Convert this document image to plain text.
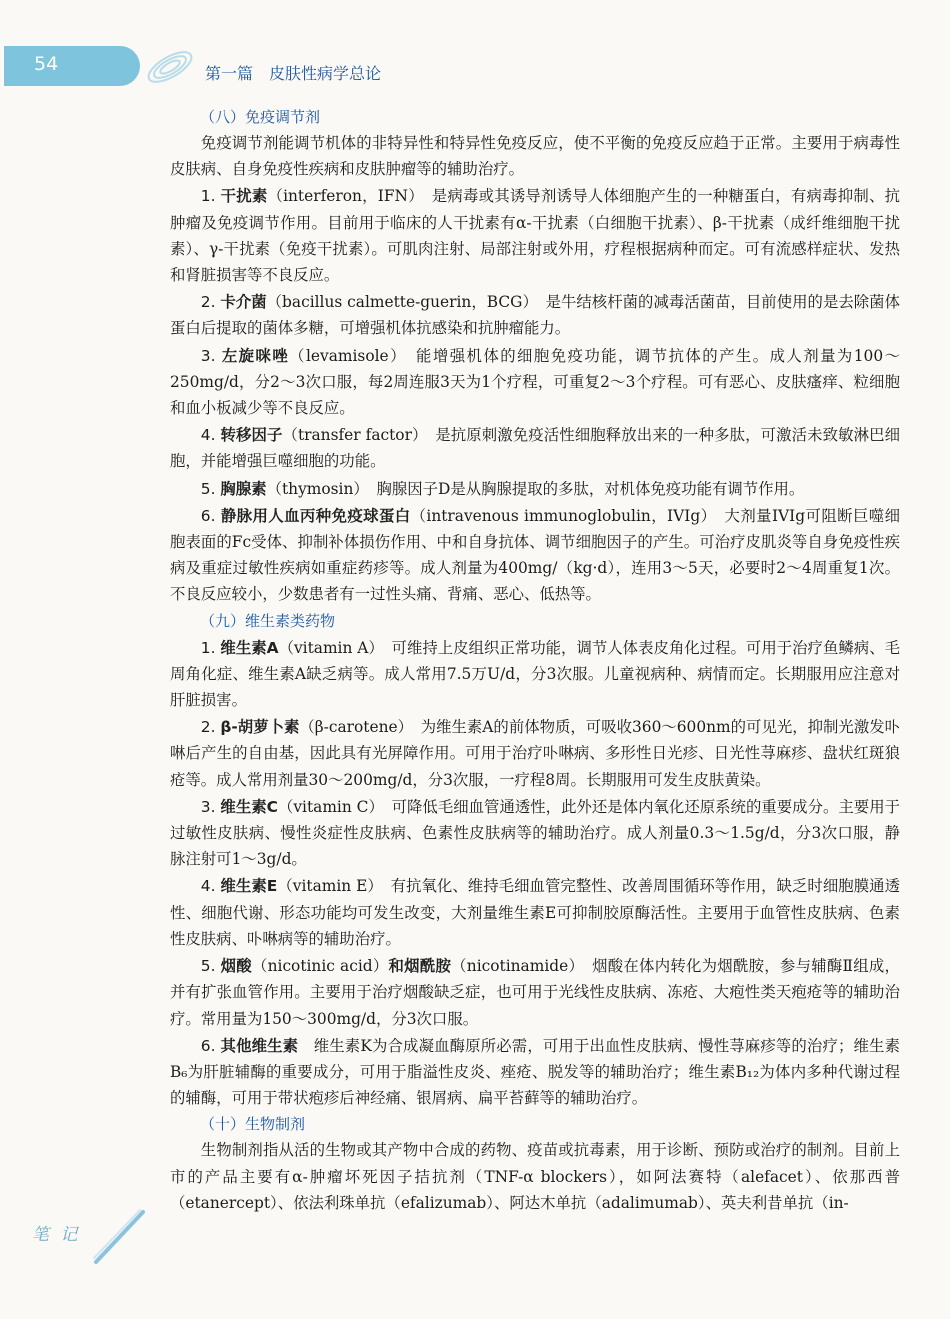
54	第一篇　皮肤性病学总论
（八）免疫调节剂

免疫调节剂能调节机体的非特异性和特异性免疫反应，使不平衡的免疫反应趋于正常。主要用于病毒性皮肤病、自身免疫性疾病和皮肤肿瘤等的辅助治疗。

1. 干扰素（interferon，IFN）　是病毒或其诱导剂诱导人体细胞产生的一种糖蛋白，有病毒抑制、抗肿瘤及免疫调节作用。目前用于临床的人干扰素有α-干扰素（白细胞干扰素）、β-干扰素（成纤维细胞干扰素）、γ-干扰素（免疫干扰素）。可肌肉注射、局部注射或外用，疗程根据病种而定。可有流感样症状、发热和肾脏损害等不良反应。

2. 卡介菌（bacillus calmette-guerin，BCG）　是牛结核杆菌的减毒活菌苗，目前使用的是去除菌体蛋白后提取的菌体多糖，可增强机体抗感染和抗肿瘤能力。

3. 左旋咪唑（levamisole）　能增强机体的细胞免疫功能，调节抗体的产生。成人剂量为100～250mg/d，分2～3次口服，每2周连服3天为1个疗程，可重复2～3个疗程。可有恶心、皮肤瘙痒、粒细胞和血小板减少等不良反应。

4. 转移因子（transfer factor）　是抗原刺激免疫活性细胞释放出来的一种多肽，可激活未致敏淋巴细胞，并能增强巨噬细胞的功能。

5. 胸腺素（thymosin）　胸腺因子D是从胸腺提取的多肽，对机体免疫功能有调节作用。

6. 静脉用人血丙种免疫球蛋白（intravenous immunoglobulin，IVIg）　大剂量IVIg可阻断巨噬细胞表面的Fc受体、抑制补体损伤作用、中和自身抗体、调节细胞因子的产生。可治疗皮肌炎等自身免疫性疾病及重症过敏性疾病如重症药疹等。成人剂量为400mg/（kg·d），连用3～5天，必要时2～4周重复1次。不良反应较小，少数患者有一过性头痛、背痛、恶心、低热等。

（九）维生素类药物

1. 维生素A（vitamin A）　可维持上皮组织正常功能，调节人体表皮角化过程。可用于治疗鱼鳞病、毛周角化症、维生素A缺乏病等。成人常用7.5万U/d，分3次服。儿童视病种、病情而定。长期服用应注意对肝脏损害。

2. β-胡萝卜素（β-carotene）　为维生素A的前体物质，可吸收360～600nm的可见光，抑制光激发卟啉后产生的自由基，因此具有光屏障作用。可用于治疗卟啉病、多形性日光疹、日光性荨麻疹、盘状红斑狼疮等。成人常用剂量30～200mg/d，分3次服，一疗程8周。长期服用可发生皮肤黄染。

3. 维生素C（vitamin C）　可降低毛细血管通透性，此外还是体内氧化还原系统的重要成分。主要用于过敏性皮肤病、慢性炎症性皮肤病、色素性皮肤病等的辅助治疗。成人剂量0.3～1.5g/d，分3次口服，静脉注射可1～3g/d。

4. 维生素E（vitamin E）　有抗氧化、维持毛细血管完整性、改善周围循环等作用，缺乏时细胞膜通透性、细胞代谢、形态功能均可发生改变，大剂量维生素E可抑制胶原酶活性。主要用于血管性皮肤病、色素性皮肤病、卟啉病等的辅助治疗。

5. 烟酸（nicotinic acid）和烟酰胺（nicotinamide）　烟酸在体内转化为烟酰胺，参与辅酶Ⅱ组成，并有扩张血管作用。主要用于治疗烟酸缺乏症，也可用于光线性皮肤病、冻疮、大疱性类天疱疮等的辅助治疗。常用量为150～300mg/d，分3次口服。

6. 其他维生素　维生素K为合成凝血酶原所必需，可用于出血性皮肤病、慢性荨麻疹等的治疗；维生素B₆为肝脏辅酶的重要成分，可用于脂溢性皮炎、痤疮、脱发等的辅助治疗；维生素B₁₂为体内多种代谢过程的辅酶，可用于带状疱疹后神经痛、银屑病、扁平苔藓等的辅助治疗。

（十）生物制剂

生物制剂指从活的生物或其产物中合成的药物、疫苗或抗毒素，用于诊断、预防或治疗的制剂。目前上市的产品主要有α-肿瘤坏死因子拮抗剂（TNF-α blockers），如阿法赛特（alefacet）、依那西普（etanercept）、依法利珠单抗（efalizumab）、阿达木单抗（adalimumab）、英夫利昔单抗（in-

笔 记
